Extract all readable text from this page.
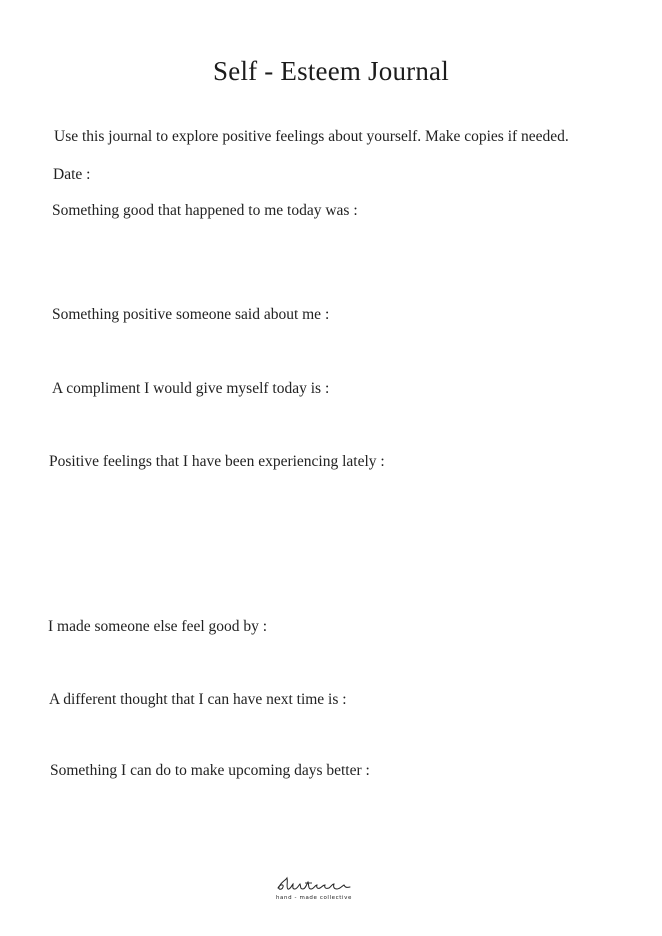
Self - Esteem Journal
Use this journal to explore positive feelings about yourself. Make copies if needed.
Date :
Something good that happened to me today was :
Something positive someone said about me :
A compliment I would give myself today is :
Positive feelings that I have been experiencing lately :
I made someone else feel good by :
A different thought that I can have next time is :
Something I can do to make upcoming days better :
hand - made collective
